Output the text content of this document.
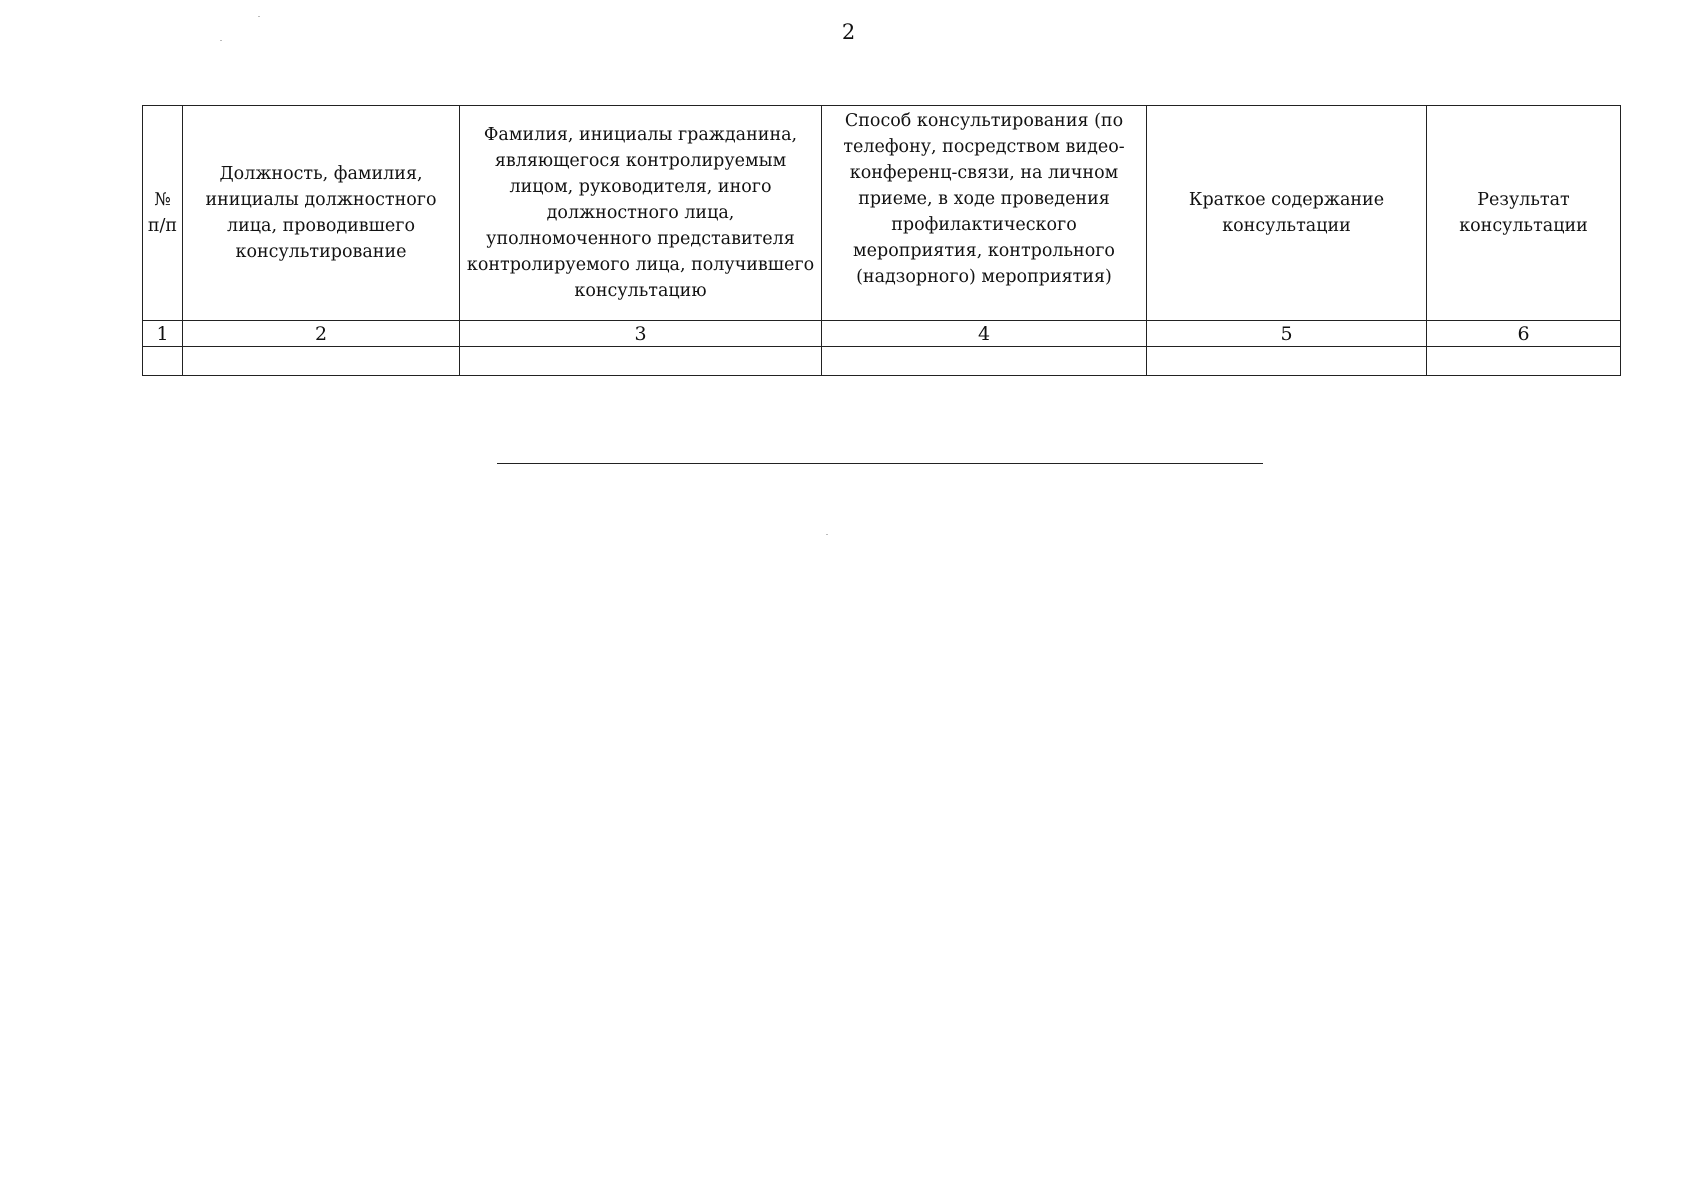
2
№ п/п	Должность, фамилия, инициалы должностного лица, проводившего консультирование	Фамилия, инициалы гражданина, являющегося контролируемым лицом, руководителя, иного должностного лица, уполномоченного представителя контролируемого лица, получившего консультацию	Способ консультирования (по телефону, посредством видео-конференц-связи, на личном приеме, в ходе проведения профилактического мероприятия, контрольного (надзорного) мероприятия)	Краткое содержание консультации	Результат консультации
1	2	3	4	5	6
